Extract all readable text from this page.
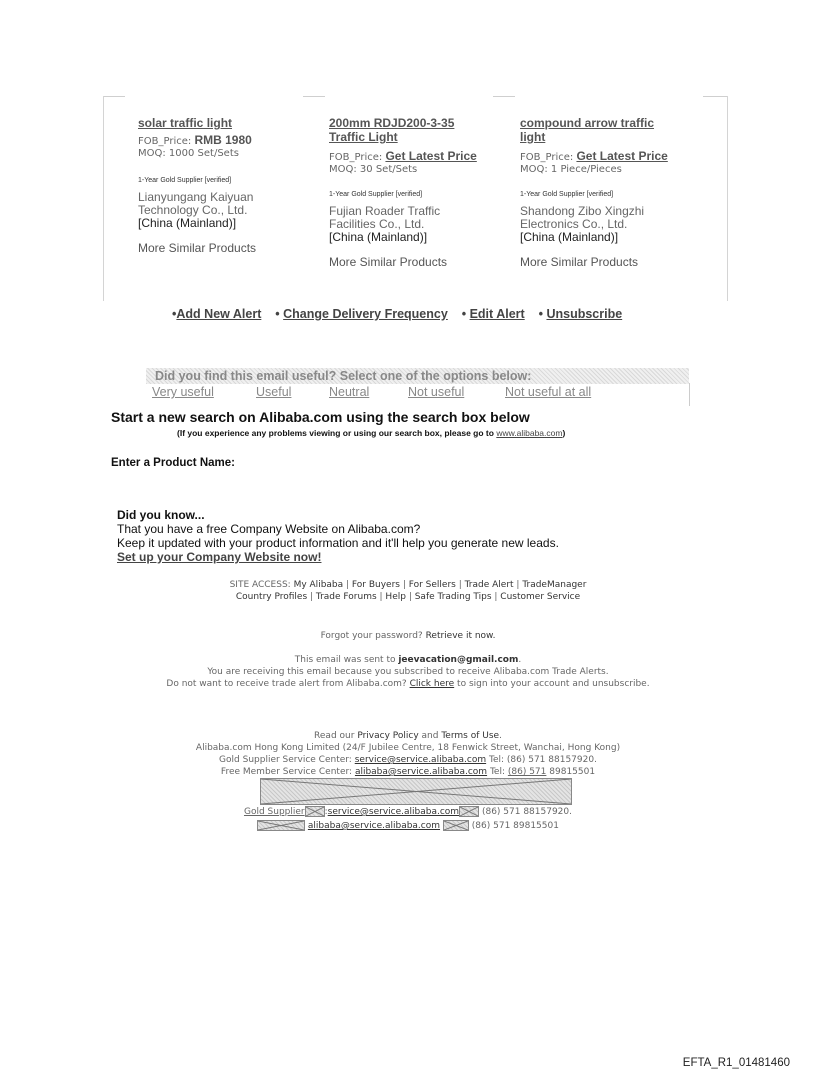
solar traffic light
FOB_Price: RMB 1980
MOQ: 1000 Set/Sets
1-Year Gold Supplier [verified]
Lianyungang Kaiyuan
Technology Co., Ltd.
[China (Mainland)]
More Similar Products
200mm RDJD200-3-35
Traffic Light
FOB_Price: Get Latest Price
MOQ: 30 Set/Sets
1-Year Gold Supplier [verified]
Fujian Roader Traffic
Facilities Co., Ltd.
[China (Mainland)]
More Similar Products
compound arrow traffic
light
FOB_Price: Get Latest Price
MOQ: 1 Piece/Pieces
1-Year Gold Supplier [verified]
Shandong Zibo Xingzhi
Electronics Co., Ltd.
[China (Mainland)]
More Similar Products
•Add New Alert • Change Delivery Frequency • Edit Alert • Unsubscribe
Did you find this email useful? Select one of the options below:
Very useful	Useful	Neutral	Not useful	Not useful at all
Start a new search on Alibaba.com using the search box below
(If you experience any problems viewing or using our search box, please go to www.alibaba.com)
Enter a Product Name:
Did you know...
That you have a free Company Website on Alibaba.com?
Keep it updated with your product information and it'll help you generate new leads.
Set up your Company Website now!
SITE ACCESS: My Alibaba | For Buyers | For Sellers | Trade Alert | TradeManager
Country Profiles | Trade Forums | Help | Safe Trading Tips | Customer Service
Forgot your password? Retrieve it now.
This email was sent to jeevacation@gmail.com.
You are receiving this email because you subscribed to receive Alibaba.com Trade Alerts.
Do not want to receive trade alert from Alibaba.com? Click here to sign into your account and unsubscribe.
Read our Privacy Policy and Terms of Use.
Alibaba.com Hong Kong Limited (24/F Jubilee Centre, 18 Fenwick Street, Wanchai, Hong Kong)
Gold Supplier Service Center: service@service.alibaba.com Tel: (86) 571 88157920.
Free Member Service Center: alibaba@service.alibaba.com Tel: (86) 571 89815501
Gold Supplier :service@service.alibaba.com	(86) 571 88157920.
alibaba@service.alibaba.com	(86) 571 89815501
EFTA_R1_01481460
